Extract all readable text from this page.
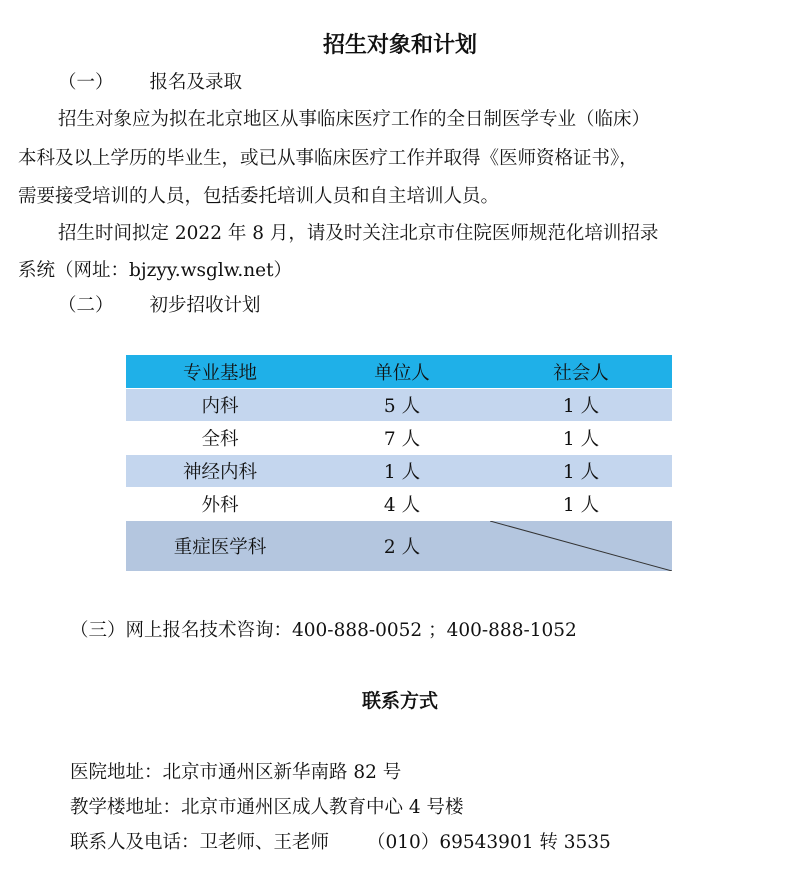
招生对象和计划
（一） 报名及录取
招生对象应为拟在北京地区从事临床医疗工作的全日制医学专业（临床）
本科及以上学历的毕业生，或已从事临床医疗工作并取得《医师资格证书》，
需要接受培训的人员，包括委托培训人员和自主培训人员。
招生时间拟定 2022 年 8 月，请及时关注北京市住院医师规范化培训招录
系统（网址：bjzyy.wsglw.net）
（二） 初步招收计划
专业基地	单位人	社会人
内科	5 人	1 人
全科	7 人	1 人
神经内科	1 人	1 人
外科	4 人	1 人
重症医学科	2 人	
（三）网上报名技术咨询：400-888-0052 ；400-888-1052
联系方式
医院地址：北京市通州区新华南路 82 号
教学楼地址：北京市通州区成人教育中心 4 号楼
联系人及电话：卫老师、王老师 （010）69543901 转 3535
